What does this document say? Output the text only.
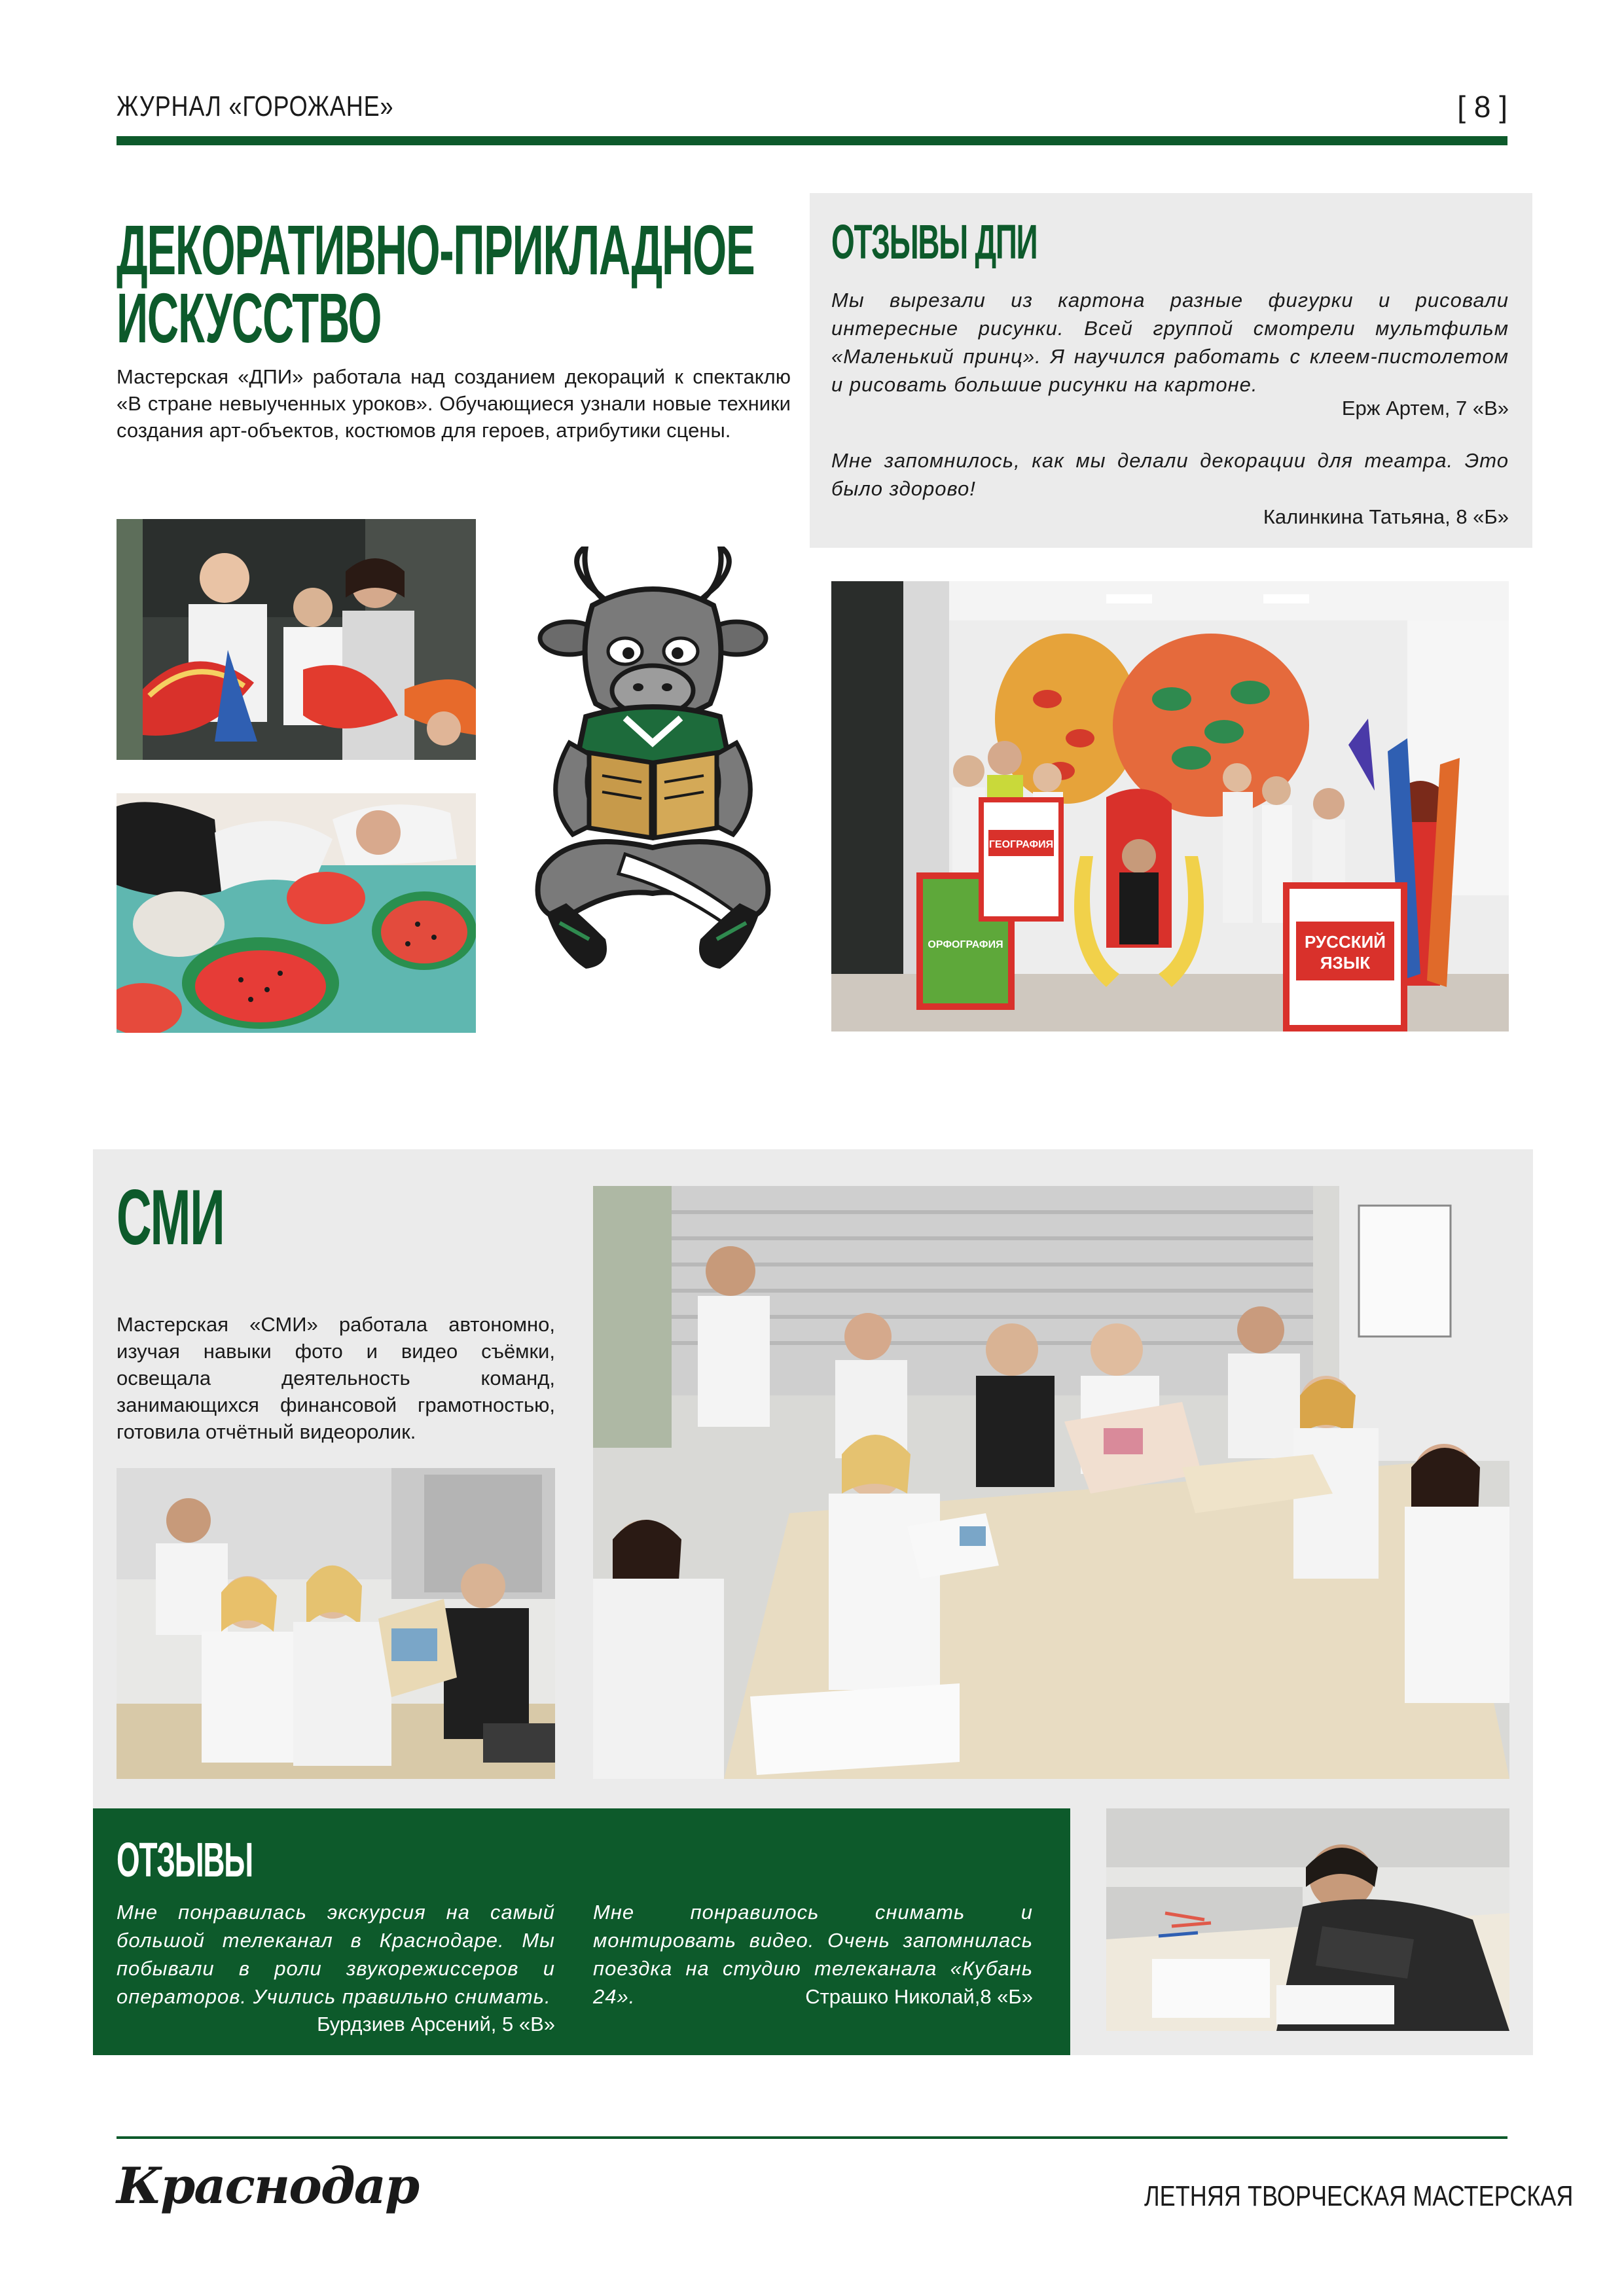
ЖУРНАЛ «ГОРОЖАНЕ»	[ 8 ]
ДЕКОРАТИВНО-ПРИКЛАДНОЕ
ИСКУССТВО
Мастерская «ДПИ» работала над созданием декораций к спектаклю «В стране невыученных уроков». Обучающиеся узнали новые техники создания арт-объектов, костюмов для героев, атрибутики сцены.
ОТЗЫВЫ ДПИ
Мы вырезали из картона разные фигурки и рисовали интересные рисунки. Всей группой смотрели мультфильм «Маленький принц». Я научился работать с клеем-пистолетом и рисовать большие рисунки на картоне.
Ерж Артем, 7 «В»
Мне запомнилось, как мы делали декорации для театра. Это было здорово!
Калинкина Татьяна, 8 «Б»
РУССКИЙ
ЯЗЫК
ГЕОГРАФИЯ
ОРФОГРАФИЯ
СМИ
Мастерская «СМИ» работала автономно, изучая навыки фото и видео съёмки, освещала деятельность команд, занимающихся финансовой грамотностью, готовила отчётный видеоролик.
ОТЗЫВЫ
Мне понравилась экскурсия на самый большой телеканал в Краснодаре. Мы побывали в роли звукорежиссеров и операторов. Учились правильно снимать.
Бурдзиев Арсений, 5 «В»
Мне понравилось снимать и монтировать видео. Очень запомнилась поездка на студию телеканала «Кубань 24».	Страшко Николай,8 «Б»
Краснодар	ЛЕТНЯЯ ТВОРЧЕСКАЯ МАСТЕРСКАЯ
